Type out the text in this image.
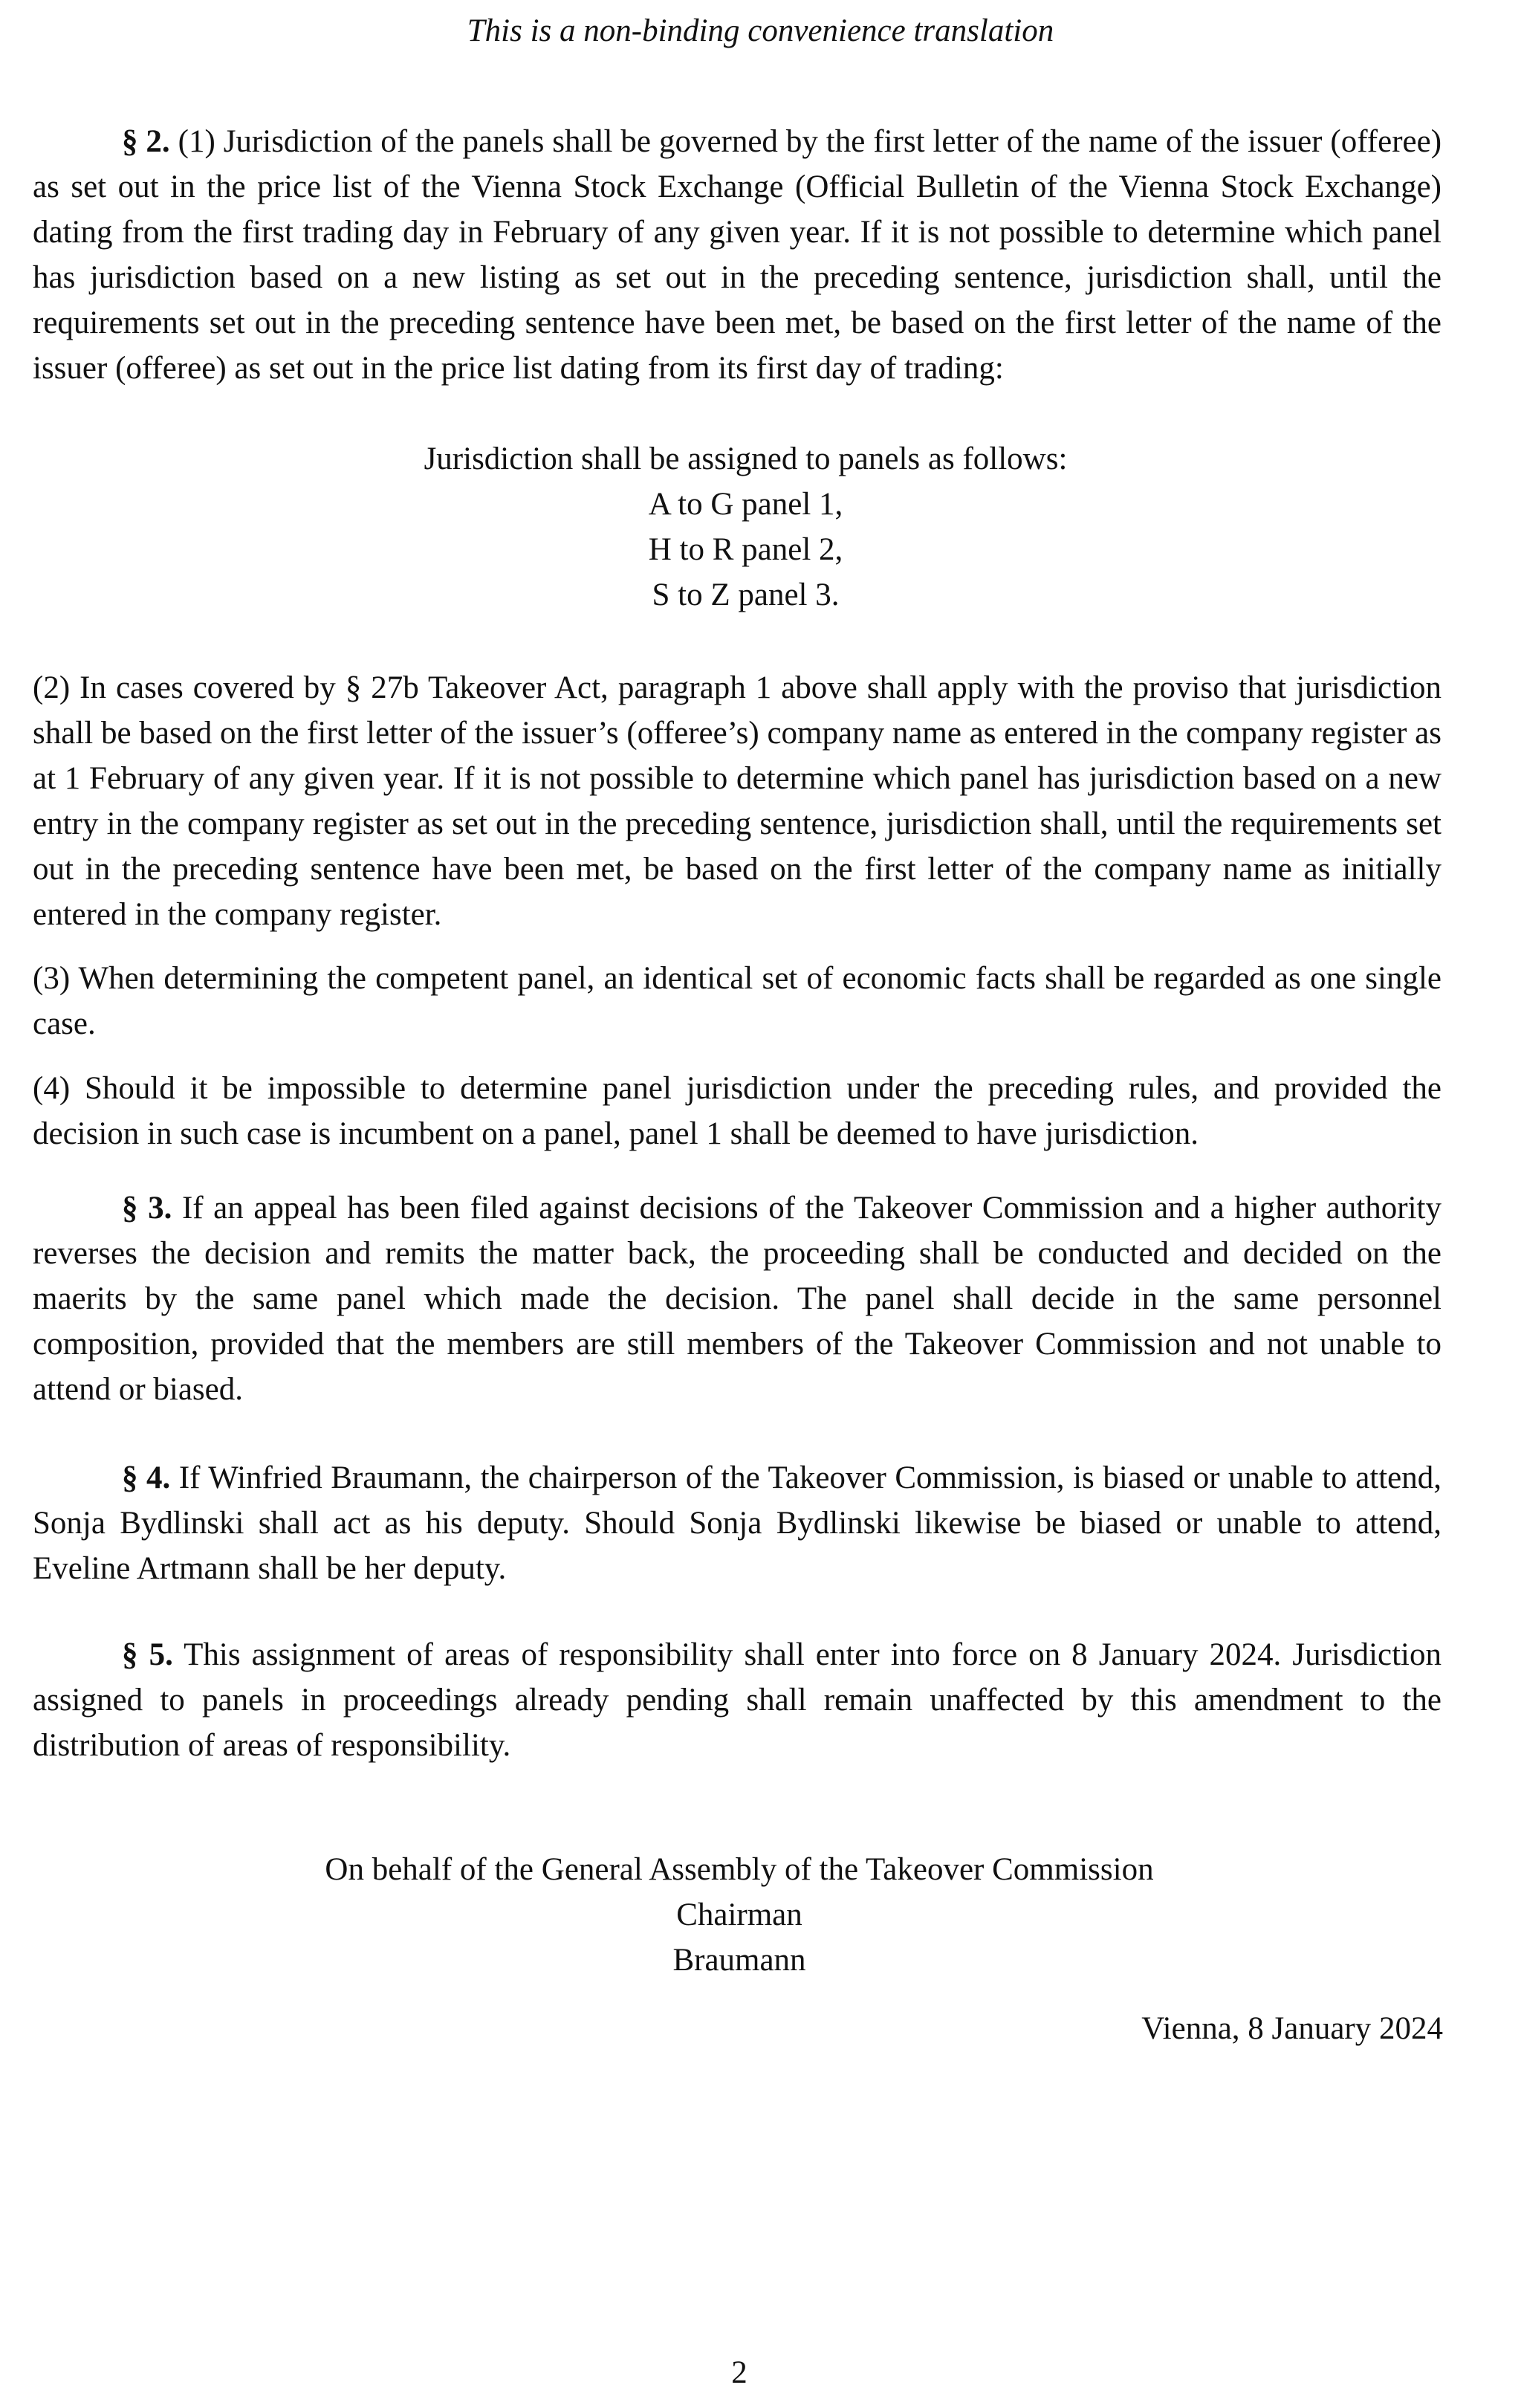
This is a non-binding convenience translation

§ 2. (1) Jurisdiction of the panels shall be governed by the first letter of the name of the issuer (offeree) as set out in the price list of the Vienna Stock Exchange (Official Bulletin of the Vienna Stock Exchange) dating from the first trading day in February of any given year. If it is not possible to determine which panel has jurisdiction based on a new listing as set out in the preceding sentence, jurisdiction shall, until the requirements set out in the preceding sentence have been met, be based on the first letter of the name of the issuer (offeree) as set out in the price list dating from its first day of trading:

Jurisdiction shall be assigned to panels as follows:
A to G panel 1,
H to R panel 2,
S to Z panel 3.

(2) In cases covered by § 27b Takeover Act, paragraph 1 above shall apply with the proviso that jurisdiction shall be based on the first letter of the issuer’s (offeree’s) company name as entered in the company register as at 1 February of any given year. If it is not possible to determine which panel has jurisdiction based on a new entry in the company register as set out in the preceding sentence, jurisdiction shall, until the requirements set out in the preceding sentence have been met, be based on the first letter of the company name as initially entered in the company register.

(3) When determining the competent panel, an identical set of economic facts shall be regarded as one single case.

(4) Should it be impossible to determine panel jurisdiction under the preceding rules, and provided the decision in such case is incumbent on a panel, panel 1 shall be deemed to have jurisdiction.

§ 3. If an appeal has been filed against decisions of the Takeover Commission and a higher authority reverses the decision and remits the matter back, the proceeding shall be conducted and decided on the maerits by the same panel which made the decision. The panel shall decide in the same personnel composition, provided that the members are still members of the Takeover Commission and not unable to attend or biased.

§ 4. If Winfried Braumann, the chairperson of the Takeover Commission, is biased or unable to attend, Sonja Bydlinski shall act as his deputy. Should Sonja Bydlinski likewise be biased or unable to attend, Eveline Artmann shall be her deputy.

§ 5. This assignment of areas of responsibility shall enter into force on 8 January 2024. Jurisdiction assigned to panels in proceedings already pending shall remain unaffected by this amendment to the distribution of areas of responsibility.

On behalf of the General Assembly of the Takeover Commission
Chairman
Braumann
Vienna, 8 January 2024
2
